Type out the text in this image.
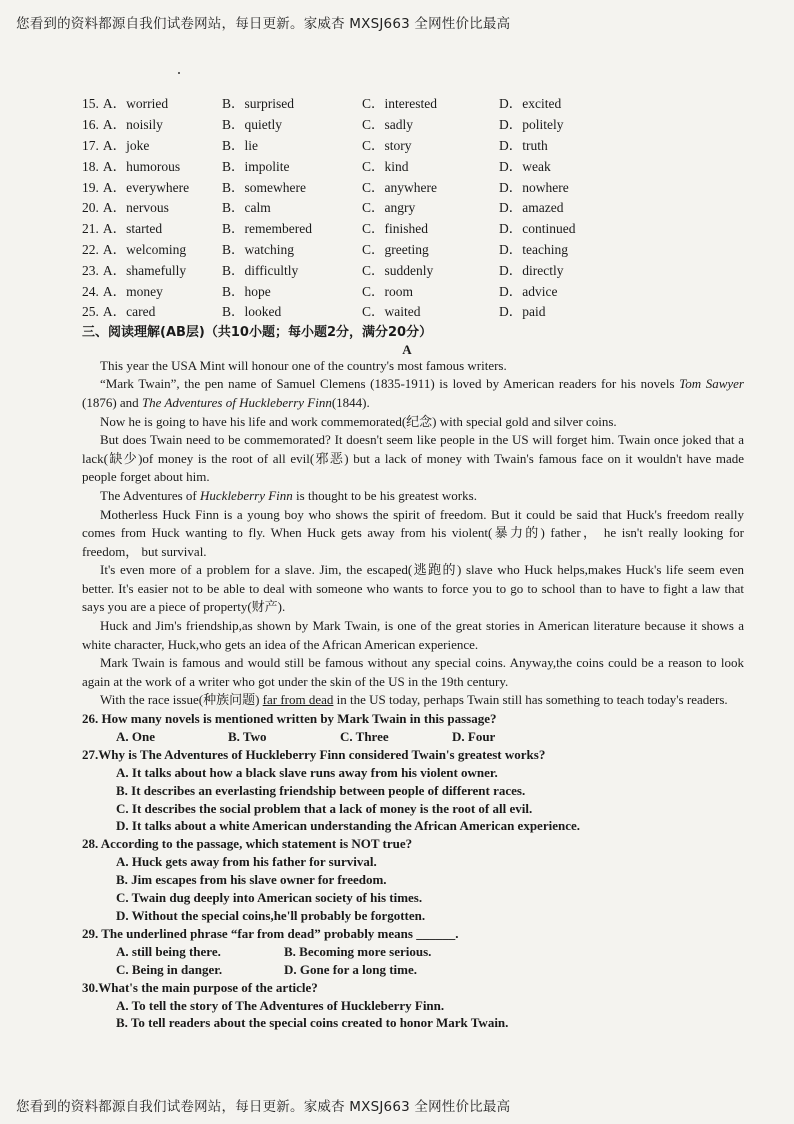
您看到的资料都源自我们试卷网站，每日更新。家威杏 MXSJ663 全网性价比最高
15. A．worried	B．surprised	C．interested	D．excited
16. A．noisily	B．quietly	C．sadly	D．politely
17. A．joke	B．lie	C．story	D．truth
18. A．humorous	B．impolite	C．kind	D．weak
19. A．everywhere	B．somewhere	C．anywhere	D．nowhere
20. A．nervous	B．calm	C．angry	D．amazed
21. A．started	B．remembered	C．finished	D．continued
22. A．welcoming	B．watching	C．greeting	D．teaching
23. A．shamefully	B．difficultly	C．suddenly	D．directly
24. A．money	B．hope	C．room	D．advice
25. A．cared	B．looked	C．waited	D．paid
三、阅读理解(AB层)（共10小题；每小题2分，满分20分）
A

This year the USA Mint will honour one of the country's most famous writers.

“Mark Twain”, the pen name of Samuel Clemens (1835-1911) is loved by American readers for his novels Tom Sawyer (1876) and The Adventures of Huckleberry Finn(1844).

Now he is going to have his life and work commemorated(纪念) with special gold and silver coins.

But does Twain need to be commemorated? It doesn't seem like people in the US will forget him. Twain once joked that a lack(缺少)of money is the root of all evil(邪恶) but a lack of money with Twain's famous face on it wouldn't have made people forget about him.

The Adventures of Huckleberry Finn is thought to be his greatest works.

Motherless Huck Finn is a young boy who shows the spirit of freedom. But it could be said that Huck's freedom really comes from Huck wanting to fly. When Huck gets away from his violent(暴力的) father， he isn't really looking for freedom， but survival.

It's even more of a problem for a slave. Jim, the escaped(逃跑的) slave who Huck helps,makes Huck's life seem even better. It's easier not to be able to deal with someone who wants to force you to go to school than to have to fight a law that says you are a piece of property(财产).

Huck and Jim's friendship,as shown by Mark Twain, is one of the great stories in American literature because it shows a white character, Huck,who gets an idea of the African American experience.

Mark Twain is famous and would still be famous without any special coins. Anyway,the coins could be a reason to look again at the work of a writer who got under the skin of the US in the 19th century.

With the race issue(种族问题) far from dead in the US today, perhaps Twain still has something to teach today's readers.

26. How many novels is mentioned written by Mark Twain in this passage?
A. One	B. Two	C. Three	D. Four
27.Why is The Adventures of Huckleberry Finn considered Twain's greatest works?
A. It talks about how a black slave runs away from his violent owner.
B. It describes an everlasting friendship between people of different races.
C. It describes the social problem that a lack of money is the root of all evil.
D. It talks about a white American understanding the African American experience.
28. According to the passage, which statement is NOT true?
A. Huck gets away from his father for survival.
B. Jim escapes from his slave owner for freedom.
C. Twain dug deeply into American society of his times.
D. Without the special coins,he'll probably be forgotten.
29. The underlined phrase “far from dead” probably means ______.
A. still being there.	B. Becoming more serious.
C. Being in danger.	D. Gone for a long time.
30.What's the main purpose of the article?
A. To tell the story of The Adventures of Huckleberry Finn.
B. To tell readers about the special coins created to honor Mark Twain.
您看到的资料都源自我们试卷网站，每日更新。家威杏 MXSJ663 全网性价比最高
